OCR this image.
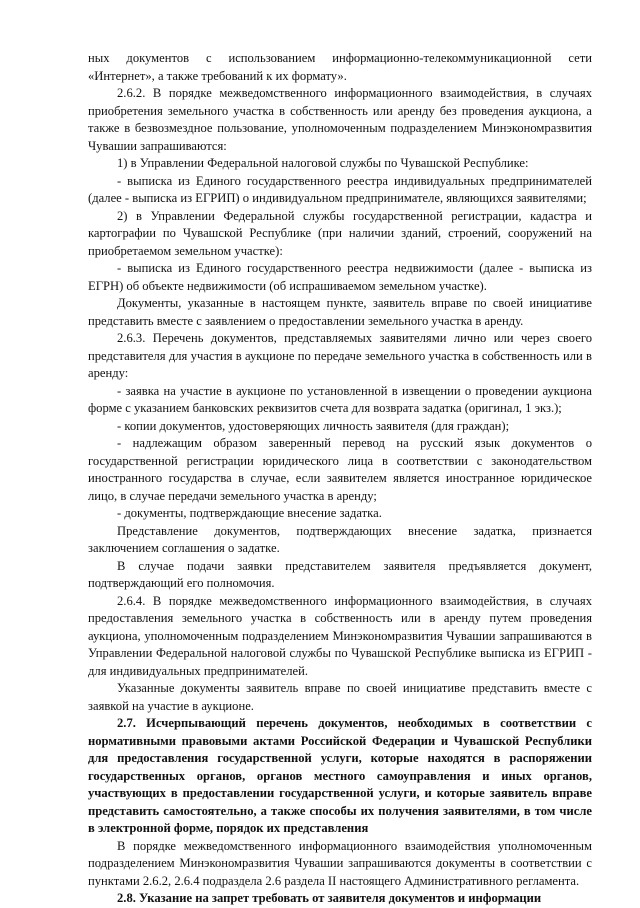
ных документов с использованием информационно-телекоммуникационной сети «Интернет», а также требований к их формату».

2.6.2. В порядке межведомственного информационного взаимодействия, в случаях приобретения земельного участка в собственность или аренду без проведения аукциона, а также в безвозмездное пользование, уполномоченным подразделением Минэкономразвития Чувашии запрашиваются:

1) в Управлении Федеральной налоговой службы по Чувашской Республике:

- выписка из Единого государственного реестра индивидуальных предпринимателей (далее - выписка из ЕГРИП) о индивидуальном предпринимателе, являющихся заявителями;

2) в Управлении Федеральной службы государственной регистрации, кадастра и картографии по Чувашской Республике (при наличии зданий, строений, сооружений на приобретаемом земельном участке):

- выписка из Единого государственного реестра недвижимости (далее - выписка из ЕГРН) об объекте недвижимости (об испрашиваемом земельном участке).

Документы, указанные в настоящем пункте, заявитель вправе по своей инициативе представить вместе с заявлением о предоставлении земельного участка в аренду.

2.6.3. Перечень документов, представляемых заявителями лично или через своего представителя для участия в аукционе по передаче земельного участка в собственность или в аренду:

- заявка на участие в аукционе по установленной в извещении о проведении аукциона форме с указанием банковских реквизитов счета для возврата задатка (оригинал, 1 экз.);

- копии документов, удостоверяющих личность заявителя (для граждан);

- надлежащим образом заверенный перевод на русский язык документов о государственной регистрации юридического лица в соответствии с законодательством иностранного государства в случае, если заявителем является иностранное юридическое лицо, в случае передачи земельного участка в аренду;

- документы, подтверждающие внесение задатка.

Представление документов, подтверждающих внесение задатка, признается заключением соглашения о задатке.

В случае подачи заявки представителем заявителя предъявляется документ, подтверждающий его полномочия.

2.6.4. В порядке межведомственного информационного взаимодействия, в случаях предоставления земельного участка в собственность или в аренду путем проведения аукциона, уполномоченным подразделением Минэкономразвития Чувашии запрашиваются в Управлении Федеральной налоговой службы по Чувашской Республике выписка из ЕГРИП - для индивидуальных предпринимателей.

Указанные документы заявитель вправе по своей инициативе представить вместе с заявкой на участие в аукционе.

2.7. Исчерпывающий перечень документов, необходимых в соответствии с нормативными правовыми актами Российской Федерации и Чувашской Республики для предоставления государственной услуги, которые находятся в распоряжении государственных органов, органов местного самоуправления и иных органов, участвующих в предоставлении государственной услуги, и которые заявитель вправе представить самостоятельно, а также способы их получения заявителями, в том числе в электронной форме, порядок их представления

В порядке межведомственного информационного взаимодействия уполномоченным подразделением Минэкономразвития Чувашии запрашиваются документы в соответствии с пунктами 2.6.2, 2.6.4 подраздела 2.6 раздела II настоящего Административного регламента.

2.8. Указание на запрет требовать от заявителя документов и информации
